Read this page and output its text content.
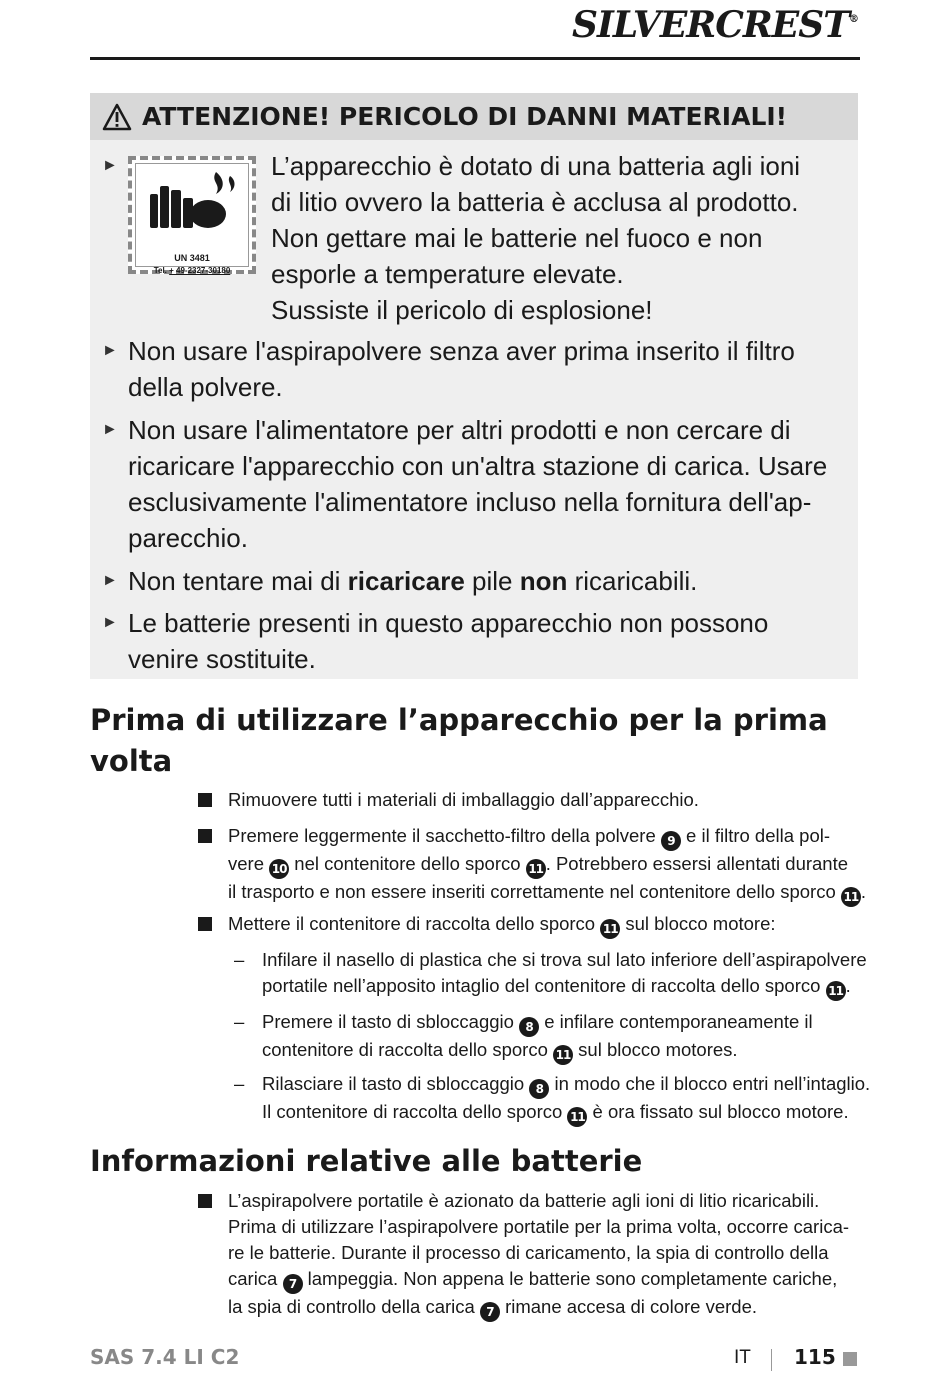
SILVERCREST®
ATTENZIONE! PERICOLO DI DANNI MATERIALI!
►
UN 3481
Tel. + 49-2327-30180
L’apparecchio è dotato di una batteria agli ioni
di litio ovvero la batteria è acclusa al prodotto.
Non gettare mai le batterie nel fuoco e non
esporle a temperature elevate.
Sussiste il pericolo di esplosione!
► Non usare l'aspirapolvere senza aver prima inserito il filtro
della polvere.
► Non usare l'alimentatore per altri prodotti e non cercare di
ricaricare l'apparecchio con un'altra stazione di carica. Usare
esclusivamente l'alimentatore incluso nella fornitura dell'ap-
parecchio.
► Non tentare mai di ricaricare pile non ricaricabili.
► Le batterie presenti in questo apparecchio non possono
venire sostituite.
Prima di utilizzare l’apparecchio per la prima
volta
Rimuovere tutti i materiali di imballaggio dall’apparecchio.
Premere leggermente il sacchetto-filtro della polvere 9 e il filtro della pol-
vere 10 nel contenitore dello sporco 11 . Potrebbero essersi allentati durante
il trasporto e non essere inseriti correttamente nel contenitore dello sporco 11 .
Mettere il contenitore di raccolta dello sporco 11 sul blocco motore:
– Infilare il nasello di plastica che si trova sul lato inferiore dell’aspirapolvere
portatile nell’apposito intaglio del contenitore di raccolta dello sporco 11 .
– Premere il tasto di sbloccaggio 8 e infilare contemporaneamente il
contenitore di raccolta dello sporco 11 sul blocco motores.
– Rilasciare il tasto di sbloccaggio 8 in modo che il blocco entri nell’intaglio.
Il contenitore di raccolta dello sporco 11 è ora fissato sul blocco motore.
Informazioni relative alle batterie
L’aspirapolvere portatile è azionato da batterie agli ioni di litio ricaricabili.
Prima di utilizzare l’aspirapolvere portatile per la prima volta, occorre carica-
re le batterie. Durante il processo di caricamento, la spia di controllo della
carica 7 lampeggia. Non appena le batterie sono completamente cariche,
la spia di controllo della carica 7 rimane accesa di colore verde.
SAS 7.4 LI C2	IT 115
